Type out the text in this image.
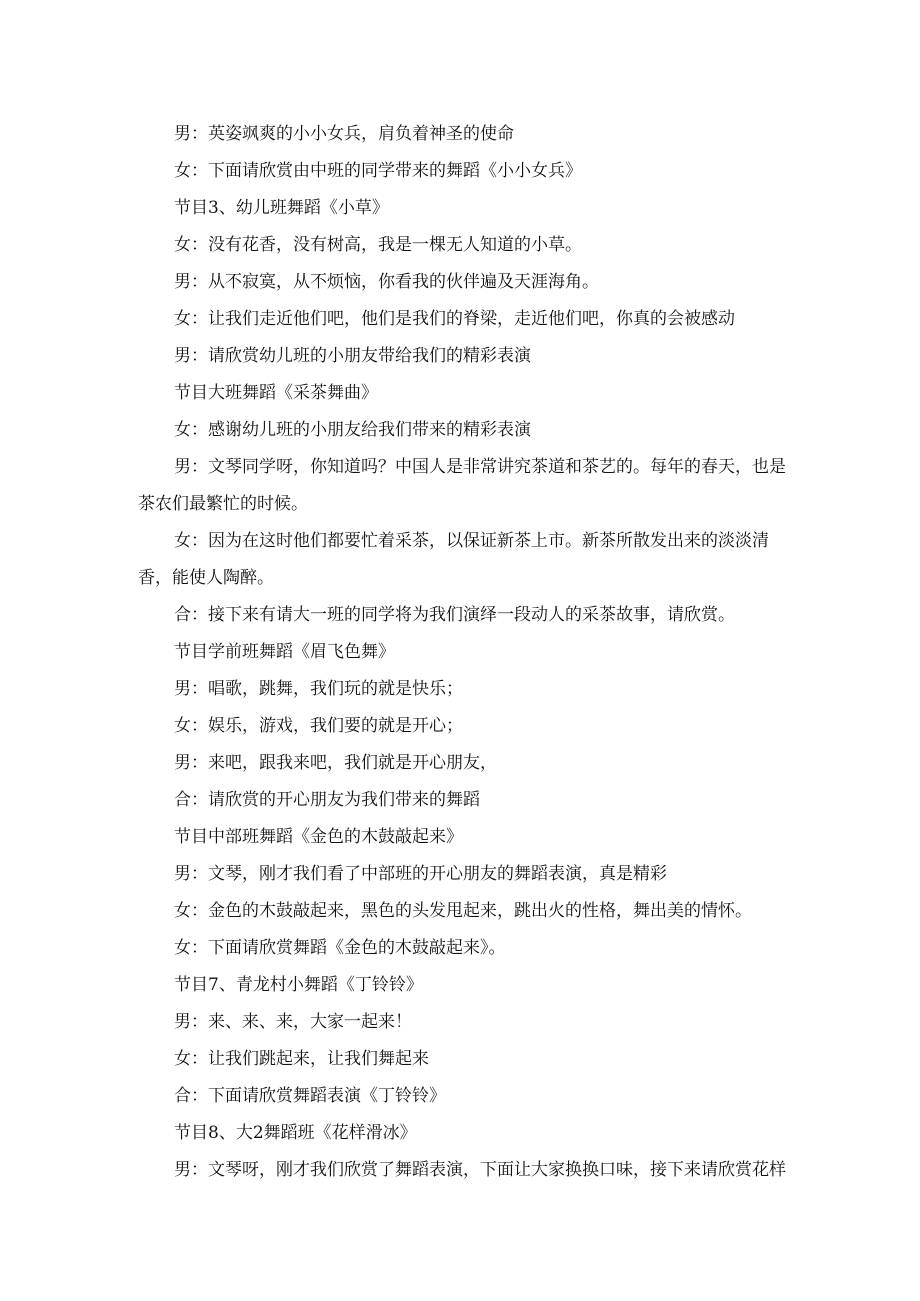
男：英姿飒爽的小小女兵，肩负着神圣的使命

女：下面请欣赏由中班的同学带来的舞蹈《小小女兵》

节目3、幼儿班舞蹈《小草》

女：没有花香，没有树高，我是一棵无人知道的小草。

男：从不寂寞，从不烦恼，你看我的伙伴遍及天涯海角。

女：让我们走近他们吧，他们是我们的脊梁，走近他们吧，你真的会被感动

男：请欣赏幼儿班的小朋友带给我们的精彩表演

节目大班舞蹈《采茶舞曲》

女：感谢幼儿班的小朋友给我们带来的精彩表演

男：文琴同学呀，你知道吗？中国人是非常讲究茶道和茶艺的。每年的春天，也是茶农们最繁忙的时候。

女：因为在这时他们都要忙着采茶，以保证新茶上市。新茶所散发出来的淡淡清香，能使人陶醉。

合：接下来有请大一班的同学将为我们演绎一段动人的采茶故事，请欣赏。

节目学前班舞蹈《眉飞色舞》

男：唱歌，跳舞，我们玩的就是快乐；

女：娱乐，游戏，我们要的就是开心；

男：来吧，跟我来吧，我们就是开心朋友，

合：请欣赏的开心朋友为我们带来的舞蹈

节目中部班舞蹈《金色的木鼓敲起来》

男：文琴，刚才我们看了中部班的开心朋友的舞蹈表演，真是精彩

女：金色的木鼓敲起来，黑色的头发甩起来，跳出火的性格，舞出美的情怀。

女：下面请欣赏舞蹈《金色的木鼓敲起来》。

节目7、青龙村小舞蹈《丁铃铃》

男：来、来、来，大家一起来！

女：让我们跳起来，让我们舞起来

合：下面请欣赏舞蹈表演《丁铃铃》

节目8、大2舞蹈班《花样滑冰》

男：文琴呀，刚才我们欣赏了舞蹈表演，下面让大家换换口味，接下来请欣赏花样
